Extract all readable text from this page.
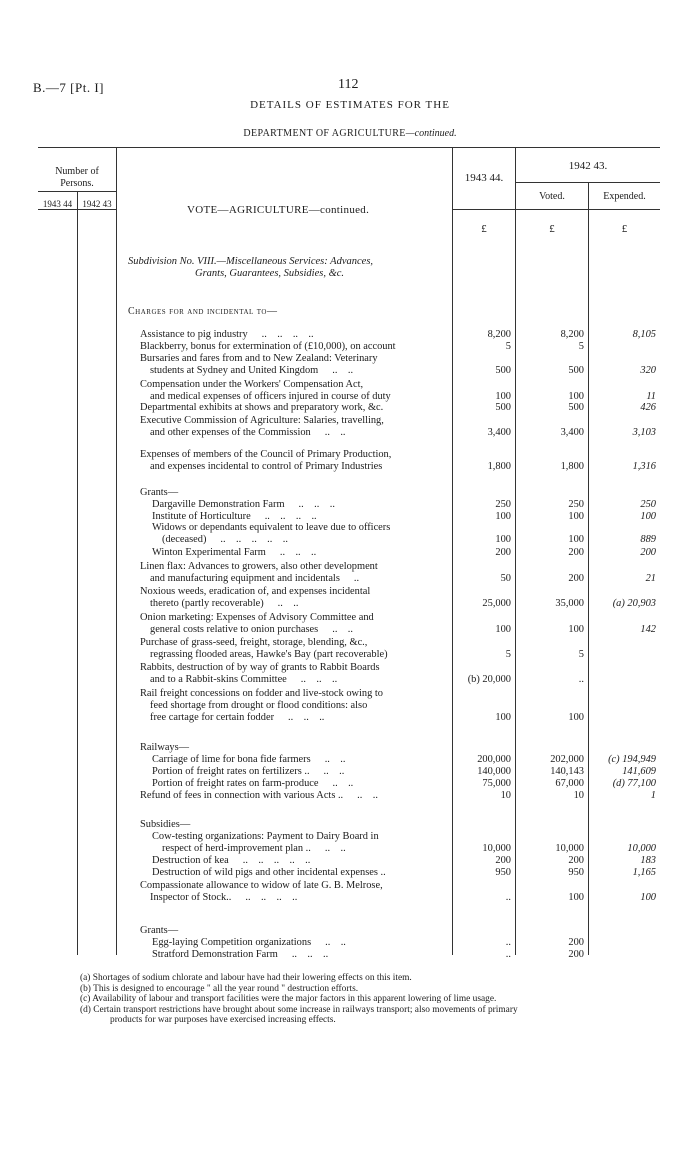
B.—7 [Pt. I]	112
DETAILS OF ESTIMATES FOR THE
DEPARTMENT OF AGRICULTURE—continued.
Number of Persons.
1943 44	1942 43
1943 44.
1942 43.
Voted.	Expended.
£	£	£
VOTE—AGRICULTURE—continued.
Subdivision No. VIII.—Miscellaneous Services: Advances,
Grants, Guarantees, Subsidies, &c.
Charges for and incidental to—
Assistance to pig industry ..    ..    ..    ..	8,200	8,200	8,105
Blackberry, bonus for extermination of (£10,000), on account	5	5
Bursaries and fares from and to New Zealand: Veterinary
students at Sydney and United Kingdom ..    ..	500	500	320
Compensation under the Workers' Compensation Act,
and medical expenses of officers injured in course of duty	100	100	11
Departmental exhibits at shows and preparatory work, &c.	500	500	426
Executive Commission of Agriculture: Salaries, travelling,
and other expenses of the Commission ..    ..	3,400	3,400	3,103
Expenses of members of the Council of Primary Production,
and expenses incidental to control of Primary Industries	1,800	1,800	1,316
Grants—
Dargaville Demonstration Farm ..    ..    ..	250	250	250
Institute of Horticulture ..    ..    ..    ..	100	100	100
Widows or dependants equivalent to leave due to officers
(deceased) ..    ..    ..    ..    ..	100	100	889
Winton Experimental Farm ..    ..    ..	200	200	200
Linen flax: Advances to growers, also other development
and manufacturing equipment and incidentals ..	50	200	21
Noxious weeds, eradication of, and expenses incidental
thereto (partly recoverable) ..    ..	25,000	35,000	(a) 20,903
Onion marketing: Expenses of Advisory Committee and
general costs relative to onion purchases ..    ..	100	100	142
Purchase of grass-seed, freight, storage, blending, &c.,
regrassing flooded areas, Hawke's Bay (part recoverable)	5	5
Rabbits, destruction of by way of grants to Rabbit Boards
and to a Rabbit-skins Committee ..    ..    ..	(b) 20,000	..
Rail freight concessions on fodder and live-stock owing to
feed shortage from drought or flood conditions: also
free cartage for certain fodder ..    ..    ..	100	100
Railways—
Carriage of lime for bona fide farmers ..    ..	200,000	202,000	(c) 194,949
Portion of freight rates on fertilizers .. ..    ..	140,000	140,143	141,609
Portion of freight rates on farm-produce ..    ..	75,000	67,000	(d) 77,100
Refund of fees in connection with various Acts .. ..    ..	10	10	1
Subsidies—
Cow-testing organizations: Payment to Dairy Board in
respect of herd-improvement plan .. ..    ..	10,000	10,000	10,000
Destruction of kea ..    ..    ..    ..    ..	200	200	183
Destruction of wild pigs and other incidental expenses ..	950	950	1,165
Compassionate allowance to widow of late G. B. Melrose,
Inspector of Stock.. ..    ..    ..    ..	..	100	100
Grants—
Egg-laying Competition organizations ..    ..	..	200
Stratford Demonstration Farm ..    ..    ..	..	200
(a) Shortages of sodium chlorate and labour have had their lowering effects on this item.
(b) This is designed to encourage " all the year round " destruction efforts.
(c) Availability of labour and transport facilities were the major factors in this apparent lowering of lime usage.
(d) Certain transport restrictions have brought about some increase in railways transport; also movements of primary
products for war purposes have exercised increasing effects.
